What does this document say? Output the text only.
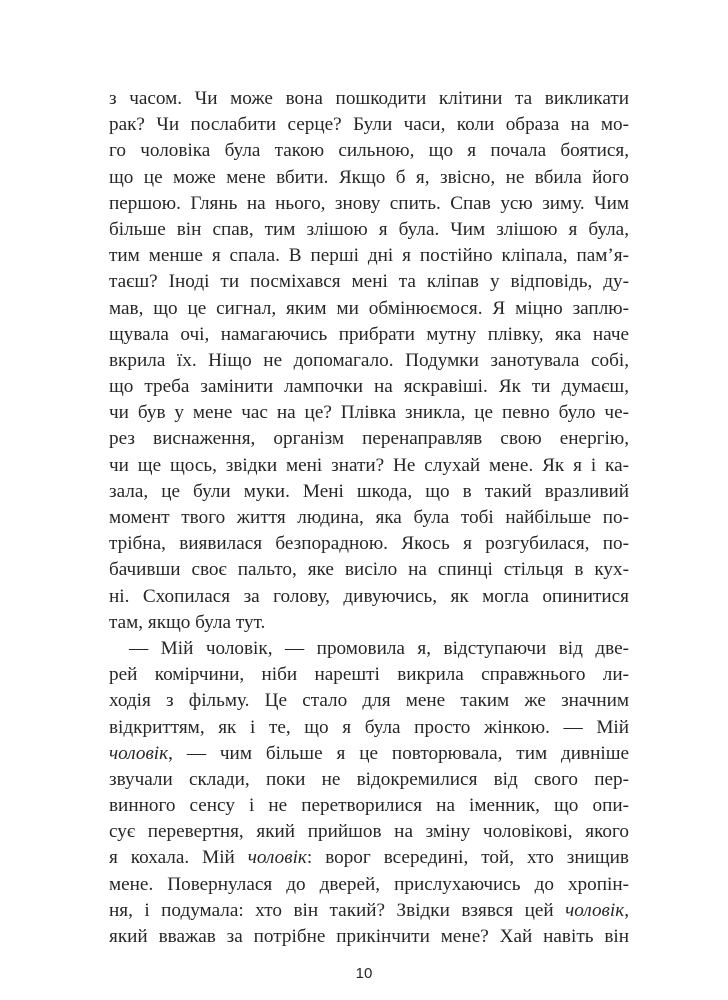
з часом. Чи може вона пошкодити клітини та викликати
рак? Чи послабити серце? Були часи, коли образа на мо-
го чоловіка була такою сильною, що я почала боятися,
що це може мене вбити. Якщо б я, звісно, не вбила його
першою. Глянь на нього, знову спить. Спав усю зиму. Чим
більше він спав, тим злішою я була. Чим злішою я була,
тим менше я спала. В перші дні я постійно кліпала, пам’я-
таєш? Іноді ти посміхався мені та кліпав у відповідь, ду-
мав, що це сигнал, яким ми обмінюємося. Я міцно заплю-
щувала очі, намагаючись прибрати мутну плівку, яка наче
вкрила їх. Ніщо не допомагало. Подумки занотувала собі,
що треба замінити лампочки на яскравіші. Як ти думаєш,
чи був у мене час на це? Плівка зникла, це певно було че-
рез виснаження, організм перенаправляв свою енергію,
чи ще щось, звідки мені знати? Не слухай мене. Як я і ка-
зала, це були муки. Мені шкода, що в такий вразливий
момент твого життя людина, яка була тобі найбільше по-
трібна, виявилася безпорадною. Якось я розгубилася, по-
бачивши своє пальто, яке висіло на спинці стільця в кух-
ні. Схопилася за голову, дивуючись, як могла опинитися
там, якщо була тут.
— Мій чоловік, — промовила я, відступаючи від две-
рей комірчини, ніби нарешті викрила справжнього ли-
ходія з фільму. Це стало для мене таким же значним
відкриттям, як і те, що я була просто жінкою. — Мій
чоловік, — чим більше я це повторювала, тим дивніше
звучали склади, поки не відокремилися від свого пер-
винного сенсу і не перетворилися на іменник, що опи-
сує перевертня, який прийшов на зміну чоловікові, якого
я кохала. Мій чоловік: ворог всередині, той, хто знищив
мене. Повернулася до дверей, прислухаючись до хропін-
ня, і подумала: хто він такий? Звідки взявся цей чоловік,
який вважав за потрібне прикінчити мене? Хай навіть він
10
